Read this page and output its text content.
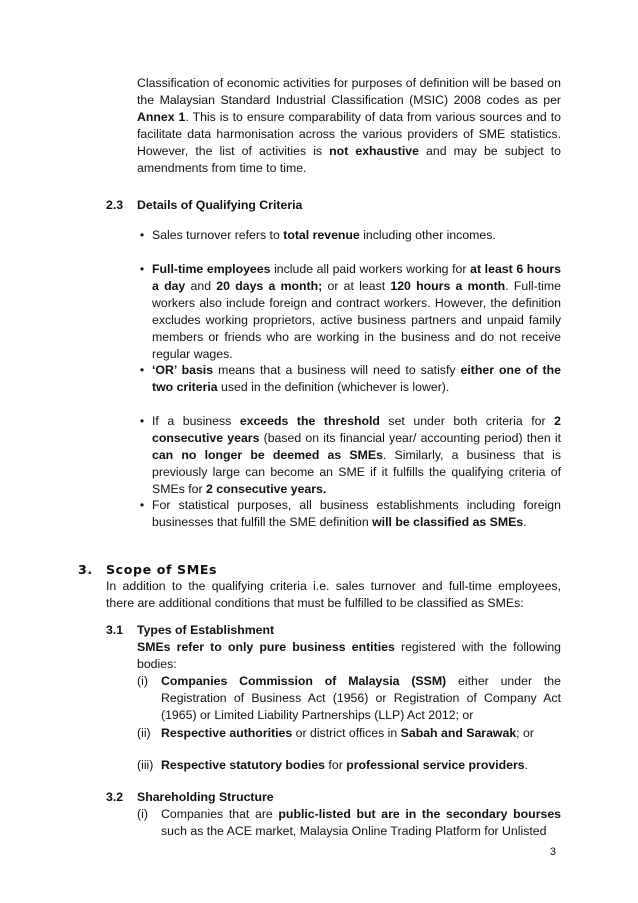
Classification of economic activities for purposes of definition will be based on the Malaysian Standard Industrial Classification (MSIC) 2008 codes as per Annex 1. This is to ensure comparability of data from various sources and to facilitate data harmonisation across the various providers of SME statistics. However, the list of activities is not exhaustive and may be subject to amendments from time to time.
2.3 Details of Qualifying Criteria
• Sales turnover refers to total revenue including other incomes.
• Full-time employees include all paid workers working for at least 6 hours a day and 20 days a month; or at least 120 hours a month. Full-time workers also include foreign and contract workers. However, the definition excludes working proprietors, active business partners and unpaid family members or friends who are working in the business and do not receive regular wages.
• ‘OR’ basis means that a business will need to satisfy either one of the two criteria used in the definition (whichever is lower).
• If a business exceeds the threshold set under both criteria for 2 consecutive years (based on its financial year/ accounting period) then it can no longer be deemed as SMEs. Similarly, a business that is previously large can become an SME if it fulfills the qualifying criteria of SMEs for 2 consecutive years.
• For statistical purposes, all business establishments including foreign businesses that fulfill the SME definition will be classified as SMEs.
3. Scope of SMEs
In addition to the qualifying criteria i.e. sales turnover and full-time employees, there are additional conditions that must be fulfilled to be classified as SMEs:
3.1 Types of Establishment
SMEs refer to only pure business entities registered with the following bodies:
(i) Companies Commission of Malaysia (SSM) either under the Registration of Business Act (1956) or Registration of Company Act (1965) or Limited Liability Partnerships (LLP) Act 2012; or
(ii) Respective authorities or district offices in Sabah and Sarawak; or
(iii) Respective statutory bodies for professional service providers.
3.2 Shareholding Structure
(i) Companies that are public-listed but are in the secondary bourses such as the ACE market, Malaysia Online Trading Platform for Unlisted
3
